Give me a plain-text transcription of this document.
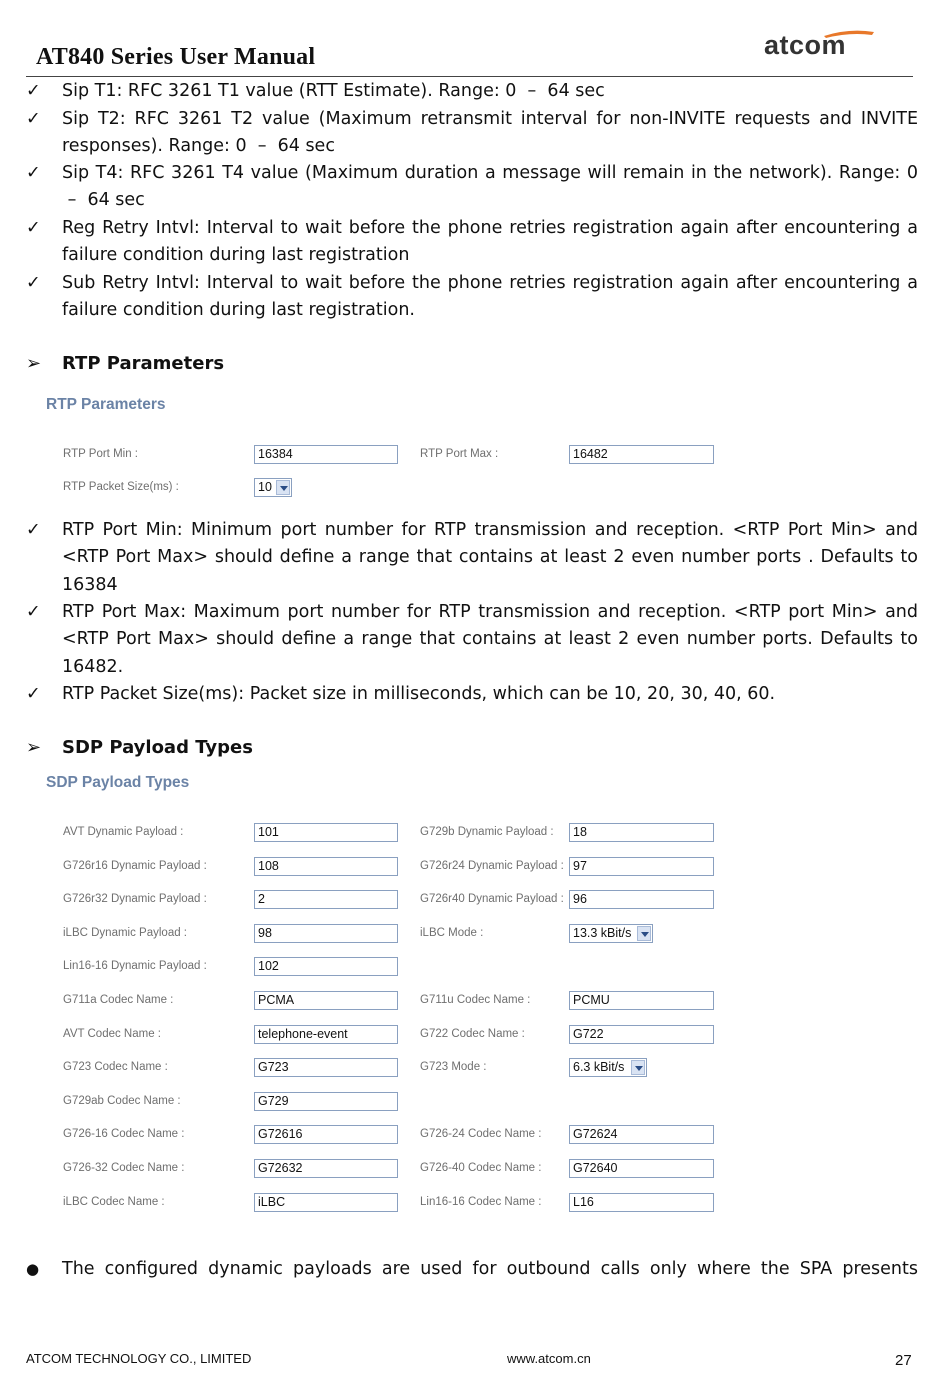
AT840 Series User Manual	atcom
✓	Sip T1: RFC 3261 T1 value (RTT Estimate). Range: 0  –  64 sec
✓	Sip T2: RFC 3261 T2 value (Maximum retransmit interval for non-INVITE requests and INVITE responses). Range: 0  –  64 sec
✓	Sip T4: RFC 3261 T4 value (Maximum duration a message will remain in the network). Range: 0  –  64 sec
✓	Reg Retry Intvl: Interval to wait before the phone retries registration again after encountering a failure condition during last registration
✓	Sub Retry Intvl: Interval to wait before the phone retries registration again after encountering a failure condition during last registration.
➢ RTP Parameters
RTP Parameters
RTP Port Min :	16384	RTP Port Max :	16482
RTP Packet Size(ms) :	10
✓	RTP Port Min: Minimum port number for RTP transmission and reception. <RTP Port Min> and <RTP Port Max> should define a range that contains at least 2 even number ports . Defaults to 16384
✓	RTP Port Max: Maximum port number for RTP transmission and reception. <RTP port Min> and <RTP Port Max> should define a range that contains at least 2 even number ports. Defaults to 16482.
✓	RTP Packet Size(ms): Packet size in milliseconds, which can be 10, 20, 30, 40, 60.
➢ SDP Payload Types
SDP Payload Types
AVT Dynamic Payload :	101	G729b Dynamic Payload :	18
G726r16 Dynamic Payload :	108	G726r24 Dynamic Payload : 97
G726r32 Dynamic Payload :	2	G726r40 Dynamic Payload : 96
iLBC Dynamic Payload :	98	iLBC Mode :	13.3 kBit/s
Lin16-16 Dynamic Payload :	102
G711a Codec Name :	PCMA	G711u Codec Name :	PCMU
AVT Codec Name :	telephone-event	G722 Codec Name :	G722
G723 Codec Name :	G723	G723 Mode :	6.3 kBit/s
G729ab Codec Name :	G729
G726-16 Codec Name :	G72616	G726-24 Codec Name :	G72624
G726-32 Codec Name :	G72632	G726-40 Codec Name :	G72640
iLBC Codec Name :	iLBC	Lin16-16 Codec Name :	L16
●	The configured dynamic payloads are used for outbound calls only where the SPA presents
ATCOM TECHNOLOGY CO., LIMITED	www.atcom.cn	27
